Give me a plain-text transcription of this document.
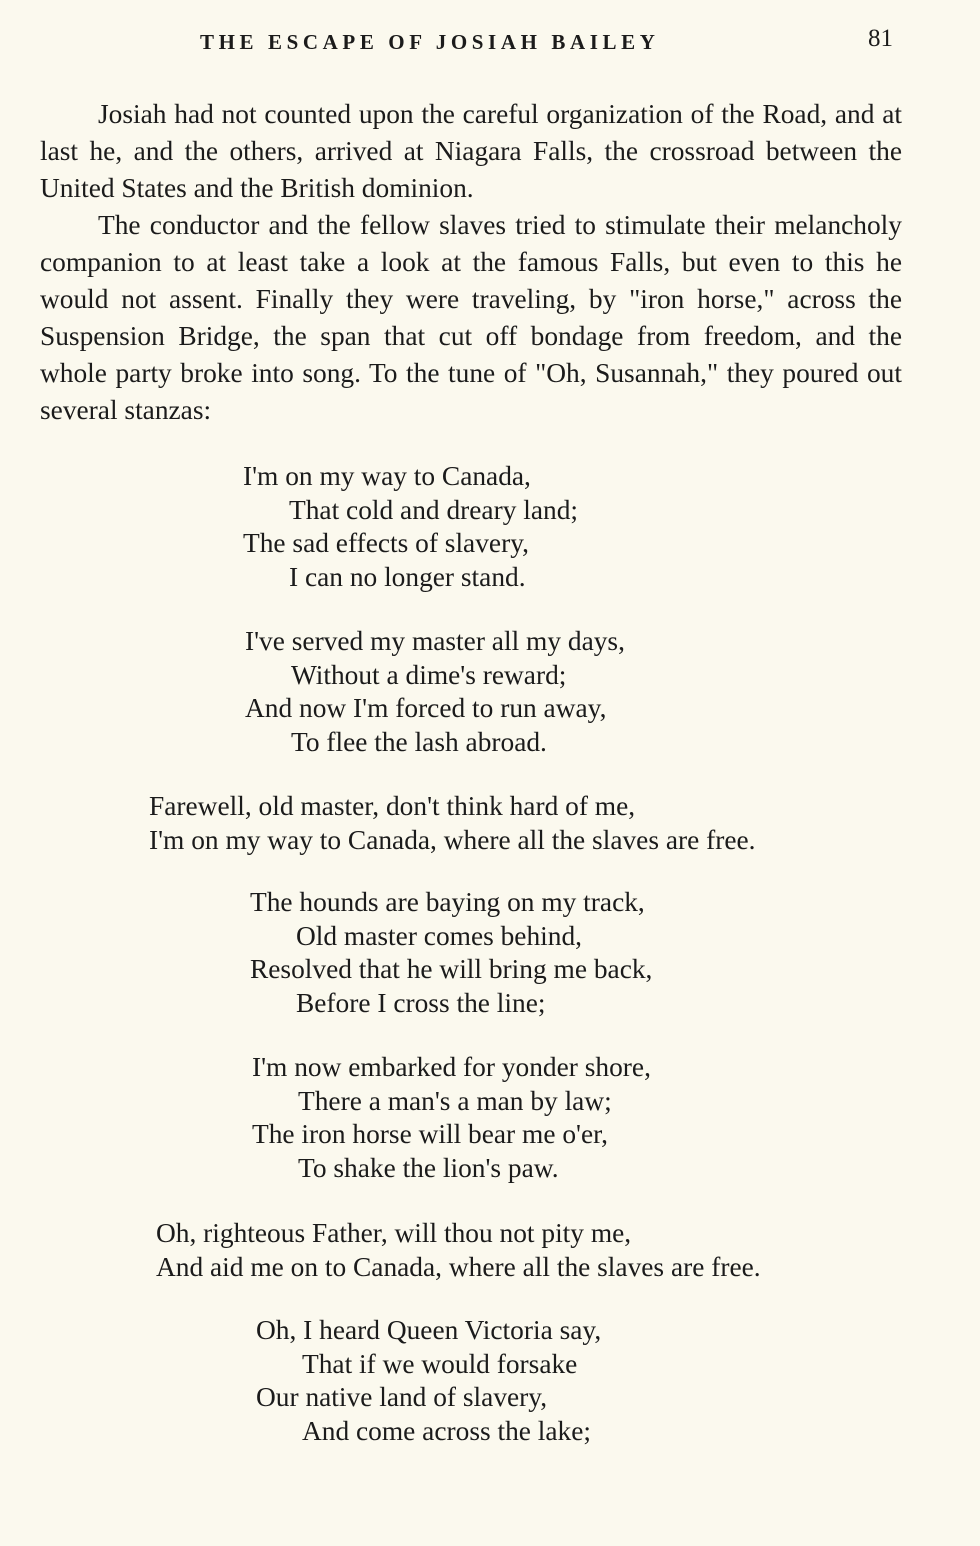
THE ESCAPE OF JOSIAH BAILEY	81

Josiah had not counted upon the careful organization of the Road, and at last he, and the others, arrived at Niagara Falls, the crossroad between the United States and the British dominion.

The conductor and the fellow slaves tried to stimulate their melancholy companion to at least take a look at the famous Falls, but even to this he would not assent. Finally they were traveling, by "iron horse," across the Suspension Bridge, the span that cut off bondage from freedom, and the whole party broke into song. To the tune of "Oh, Susannah," they poured out several stanzas:

I'm on my way to Canada,
That cold and dreary land;
The sad effects of slavery,
I can no longer stand.
I've served my master all my days,
Without a dime's reward;
And now I'm forced to run away,
To flee the lash abroad.
Farewell, old master, don't think hard of me,
I'm on my way to Canada, where all the slaves are free.
The hounds are baying on my track,
Old master comes behind,
Resolved that he will bring me back,
Before I cross the line;
I'm now embarked for yonder shore,
There a man's a man by law;
The iron horse will bear me o'er,
To shake the lion's paw.
Oh, righteous Father, will thou not pity me,
And aid me on to Canada, where all the slaves are free.
Oh, I heard Queen Victoria say,
That if we would forsake
Our native land of slavery,
And come across the lake;
